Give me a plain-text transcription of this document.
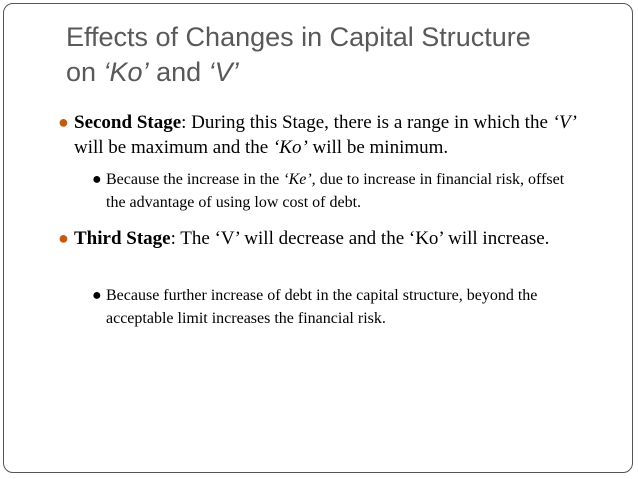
Effects of Changes in Capital Structure
on ‘Ko’ and ‘V’
● Second Stage: During this Stage, there is a range in which the ‘V’ will be maximum and the ‘Ko’ will be minimum.
● Because the increase in the ‘Ke’, due to increase in financial risk, offset the advantage of using low cost of debt.
● Third Stage: The ‘V’ will decrease and the ‘Ko’ will increase.
● Because further increase of debt in the capital structure, beyond the acceptable limit increases the financial risk.
